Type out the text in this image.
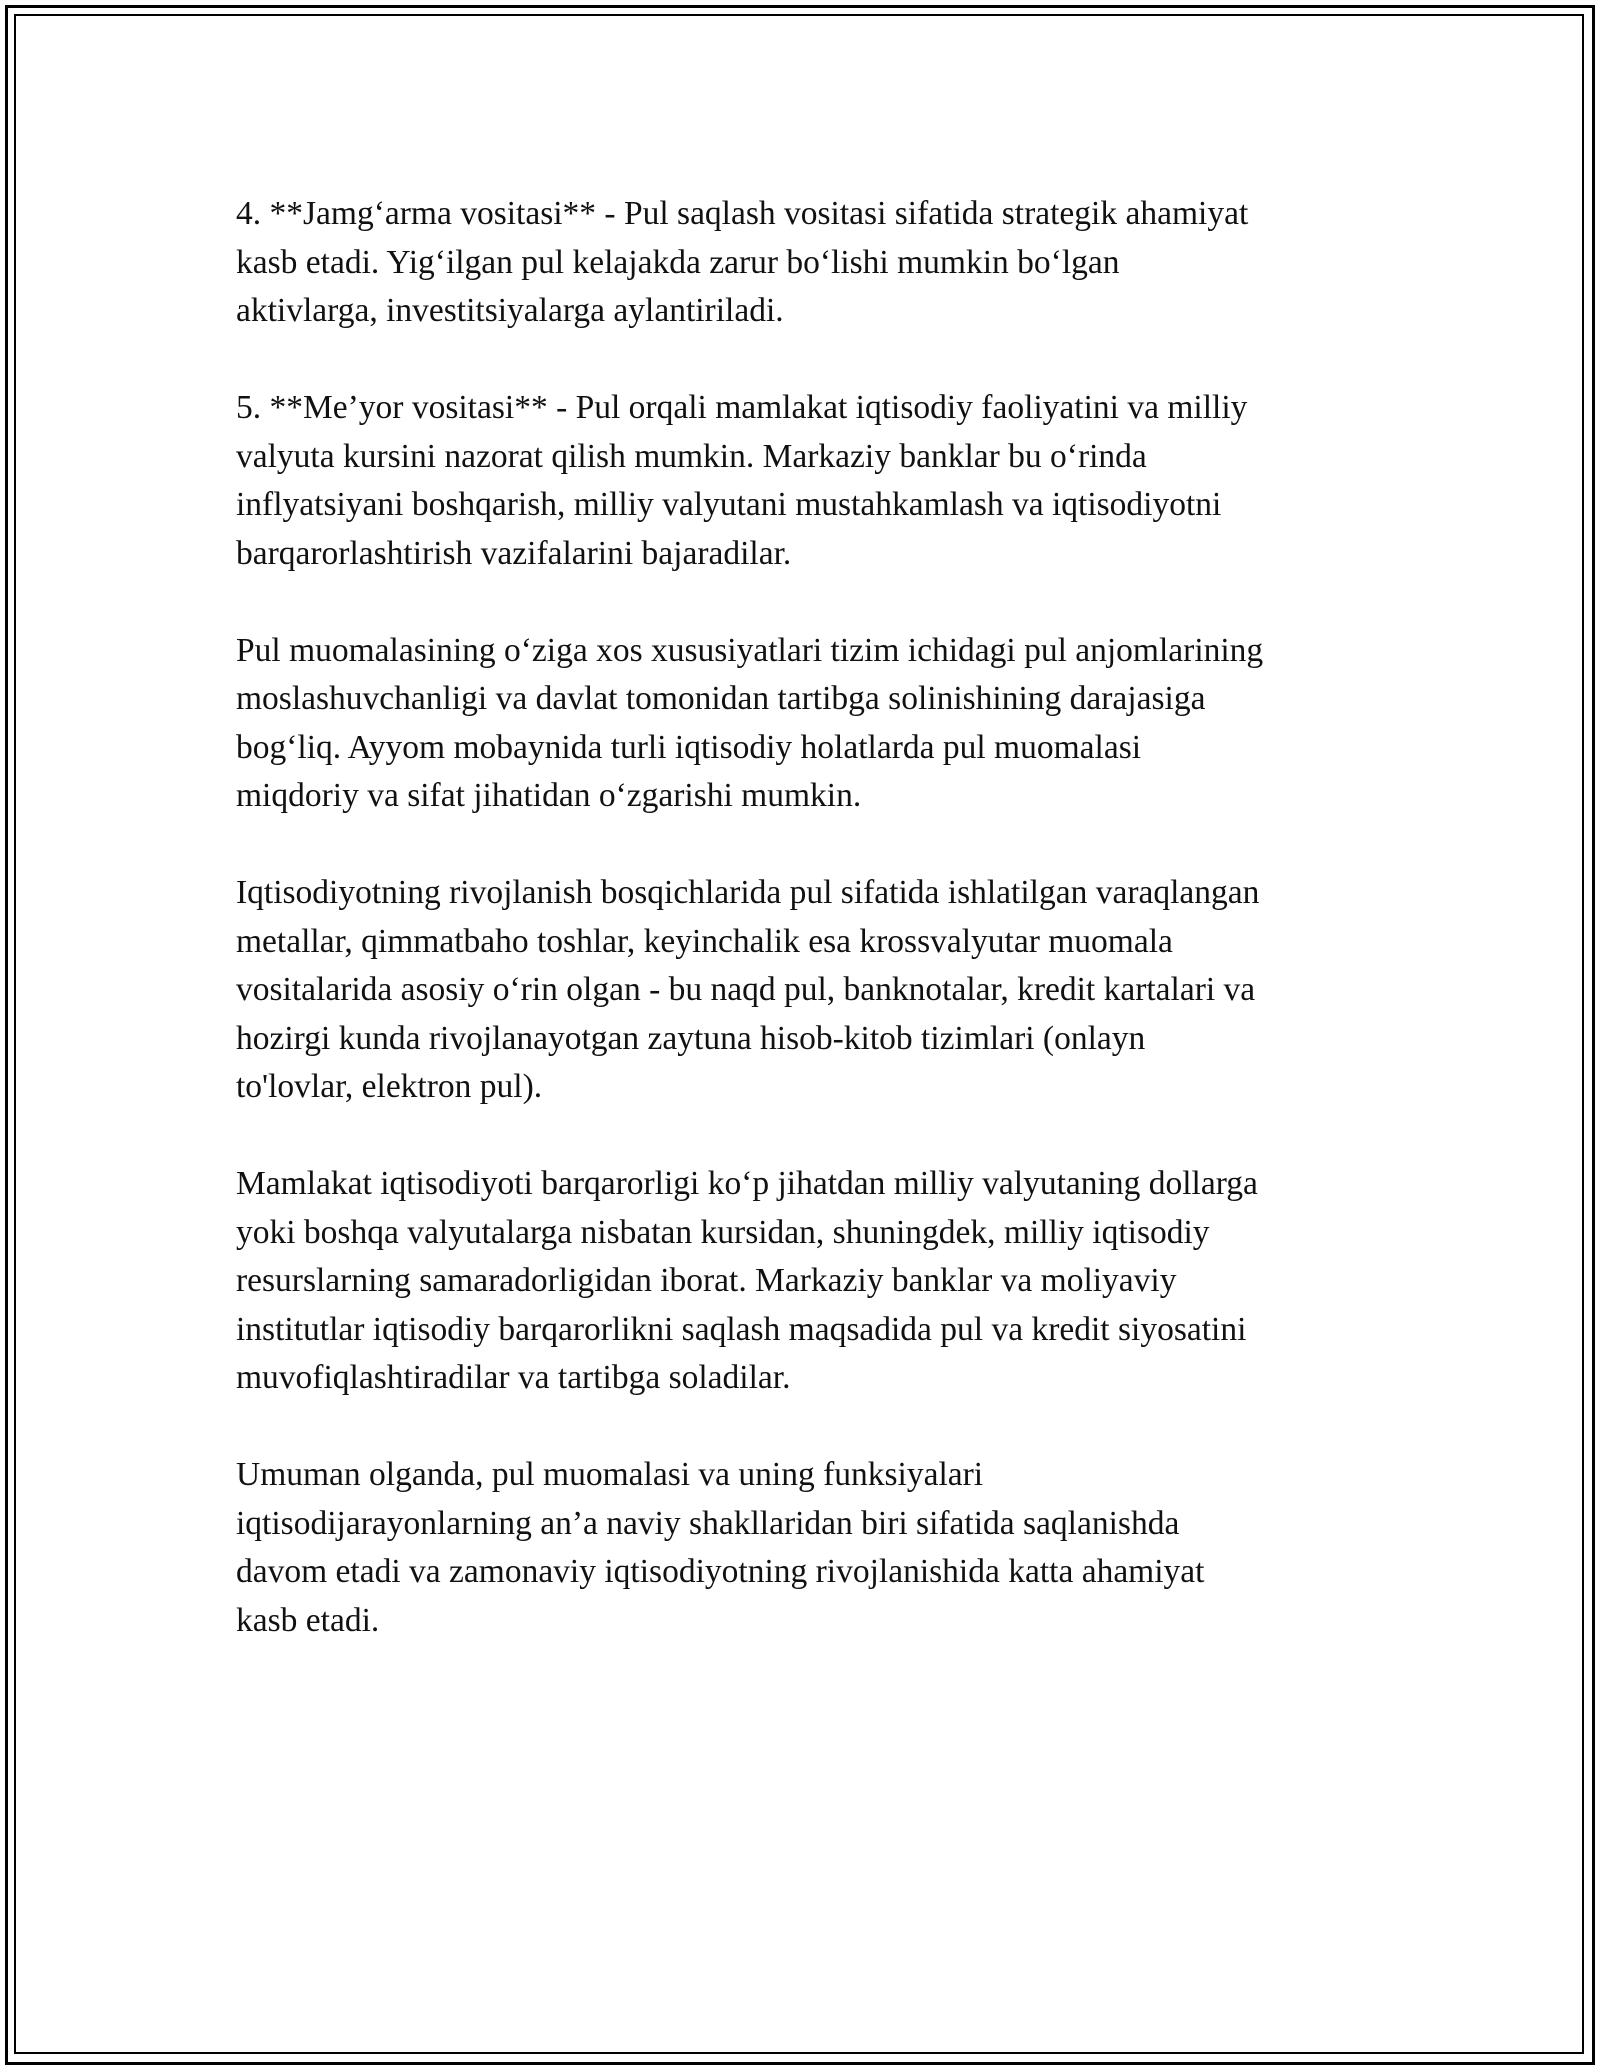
4. **Jamg‘arma vositasi** - Pul saqlash vositasi sifatida strategik ahamiyat
kasb etadi. Yig‘ilgan pul kelajakda zarur bo‘lishi mumkin bo‘lgan
aktivlarga, investitsiyalarga aylantiriladi.

5. **Me’yor vositasi** - Pul orqali mamlakat iqtisodiy faoliyatini va milliy
valyuta kursini nazorat qilish mumkin. Markaziy banklar bu o‘rinda
inflyatsiyani boshqarish, milliy valyutani mustahkamlash va iqtisodiyotni
barqarorlashtirish vazifalarini bajaradilar.

Pul muomalasining o‘ziga xos xususiyatlari tizim ichidagi pul anjomlarining
moslashuvchanligi va davlat tomonidan tartibga solinishining darajasiga
bog‘liq. Ayyom mobaynida turli iqtisodiy holatlarda pul muomalasi
miqdoriy va sifat jihatidan o‘zgarishi mumkin.

Iqtisodiyotning rivojlanish bosqichlarida pul sifatida ishlatilgan varaqlangan
metallar, qimmatbaho toshlar, keyinchalik esa krossvalyutar muomala
vositalarida asosiy o‘rin olgan - bu naqd pul, banknotalar, kredit kartalari va
hozirgi kunda rivojlanayotgan zaytuna hisob-kitob tizimlari (onlayn
to'lovlar, elektron pul).

Mamlakat iqtisodiyoti barqarorligi ko‘p jihatdan milliy valyutaning dollarga
yoki boshqa valyutalarga nisbatan kursidan, shuningdek, milliy iqtisodiy
resurslarning samaradorligidan iborat. Markaziy banklar va moliyaviy
institutlar iqtisodiy barqarorlikni saqlash maqsadida pul va kredit siyosatini
muvofiqlashtiradilar va tartibga soladilar.

Umuman olganda, pul muomalasi va uning funksiyalari
iqtisodijarayonlarning an’a naviy shakllaridan biri sifatida saqlanishda
davom etadi va zamonaviy iqtisodiyotning rivojlanishida katta ahamiyat
kasb etadi.
